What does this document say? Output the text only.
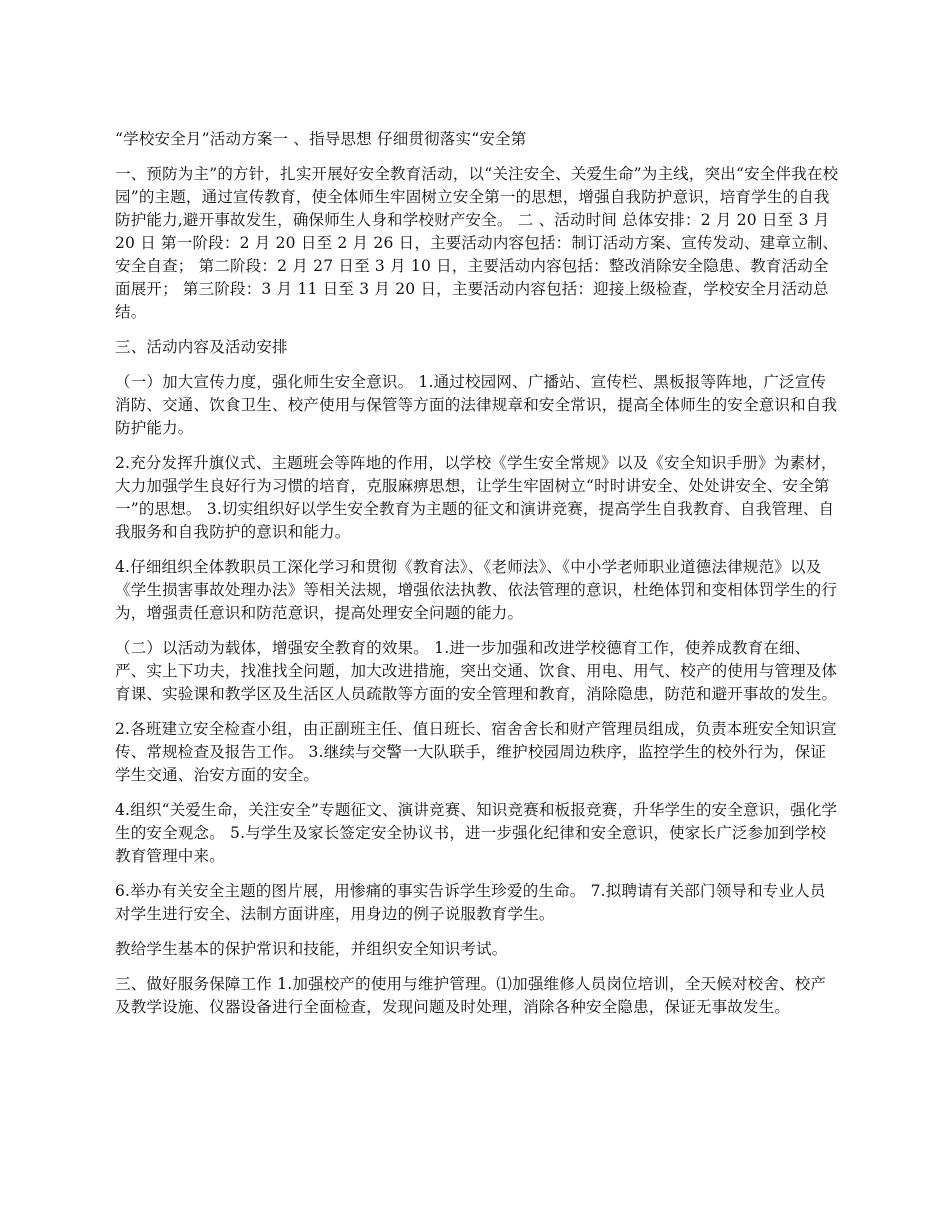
“学校安全月”活动方案一 、指导思想 仔细贯彻落实“安全第

一、预防为主”的方针，扎实开展好安全教育活动，以“关注安全、关爱生命”为主线，突出“安全伴我在校园”的主题，通过宣传教育，使全体师生牢固树立安全第一的思想，增强自我防护意识，培育学生的自我防护能力,避开事故发生，确保师生人身和学校财产安全。 二 、活动时间 总体安排：2 月 20 日至 3 月 20 日 第一阶段：2 月 20 日至 2 月 26 日，主要活动内容包括：制订活动方案、宣传发动、建章立制、安全自查； 第二阶段：2 月 27 日至 3 月 10 日，主要活动内容包括：整改消除安全隐患、教育活动全面展开； 第三阶段：3 月 11 日至 3 月 20 日，主要活动内容包括：迎接上级检查，学校安全月活动总结。

三、活动内容及活动安排

（一）加大宣传力度，强化师生安全意识。 1.通过校园网、广播站、宣传栏、黑板报等阵地，广泛宣传消防、交通、饮食卫生、校产使用与保管等方面的法律规章和安全常识，提高全体师生的安全意识和自我防护能力。

2.充分发挥升旗仪式、主题班会等阵地的作用，以学校《学生安全常规》以及《安全知识手册》为素材，大力加强学生良好行为习惯的培育，克服麻痹思想，让学生牢固树立“时时讲安全、处处讲安全、安全第一”的思想。 3.切实组织好以学生安全教育为主题的征文和演讲竞赛，提高学生自我教育、自我管理、自我服务和自我防护的意识和能力。

4.仔细组织全体教职员工深化学习和贯彻《教育法》、《老师法》、《中小学老师职业道德法律规范》以及《学生损害事故处理办法》等相关法规，增强依法执教、依法管理的意识，杜绝体罚和变相体罚学生的行为，增强责任意识和防范意识，提高处理安全问题的能力。

（二）以活动为载体，增强安全教育的效果。 1.进一步加强和改进学校德育工作，使养成教育在细、严、实上下功夫，找准找全问题，加大改进措施，突出交通、饮食、用电、用气、校产的使用与管理及体育课、实验课和教学区及生活区人员疏散等方面的安全管理和教育，消除隐患，防范和避开事故的发生。

2.各班建立安全检查小组，由正副班主任、值日班长、宿舍舍长和财产管理员组成，负责本班安全知识宣传、常规检查及报告工作。 3.继续与交警一大队联手，维护校园周边秩序，监控学生的校外行为，保证学生交通、治安方面的安全。

4.组织“关爱生命，关注安全”专题征文、演讲竞赛、知识竞赛和板报竞赛，升华学生的安全意识，强化学生的安全观念。 5.与学生及家长签定安全协议书，进一步强化纪律和安全意识，使家长广泛参加到学校教育管理中来。

6.举办有关安全主题的图片展，用惨痛的事实告诉学生珍爱的生命。 7.拟聘请有关部门领导和专业人员对学生进行安全、法制方面讲座，用身边的例子说服教育学生。

教给学生基本的保护常识和技能，并组织安全知识考试。

三、做好服务保障工作 1.加强校产的使用与维护管理。⑴加强维修人员岗位培训，全天候对校舍、校产及教学设施、仪器设备进行全面检查，发现问题及时处理，消除各种安全隐患，保证无事故发生。
